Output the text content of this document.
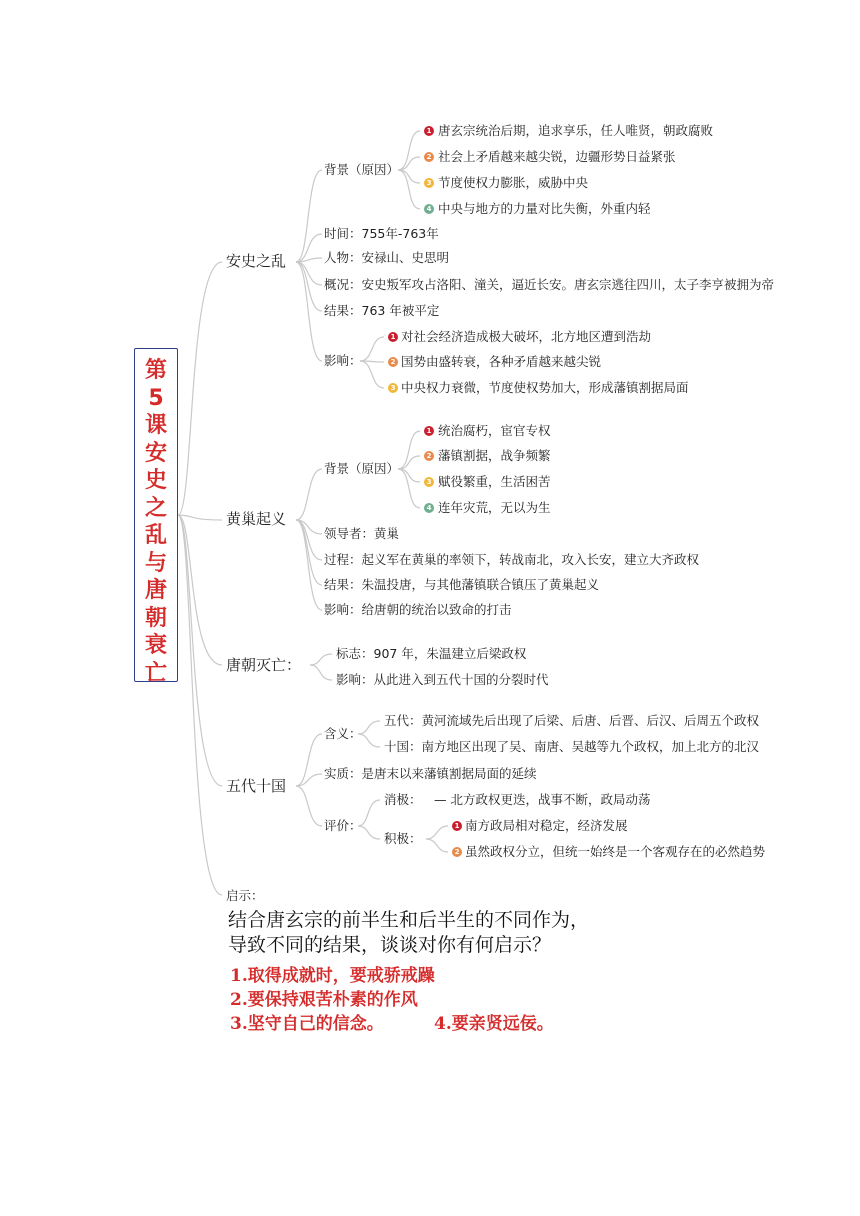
第
5
课
安
史
之
乱
与
唐
朝
衰
亡
安史之乱
背景（原因）
1 唐玄宗统治后期，追求享乐，任人唯贤，朝政腐败
2 社会上矛盾越来越尖锐，边疆形势日益紧张
3 节度使权力膨胀，威胁中央
4 中央与地方的力量对比失衡，外重内轻
时间：755年-763年
人物：安禄山、史思明
概况：安史叛军攻占洛阳、潼关，逼近长安。唐玄宗逃往四川，太子李亨被拥为帝
结果：763 年被平定
影响：
1 对社会经济造成极大破坏，北方地区遭到浩劫
2 国势由盛转衰，各种矛盾越来越尖锐
3 中央权力衰微，节度使权势加大，形成藩镇割据局面
黄巢起义
背景（原因）
1 统治腐朽，宦官专权
2 藩镇割据，战争频繁
3 赋役繁重，生活困苦
4 连年灾荒，无以为生
领导者：黄巢
过程：起义军在黄巢的率领下，转战南北，攻入长安，建立大齐政权
结果：朱温投唐，与其他藩镇联合镇压了黄巢起义
影响：给唐朝的统治以致命的打击
唐朝灭亡：
标志：907 年，朱温建立后梁政权
影响：从此进入到五代十国的分裂时代
五代十国
含义：
五代：黄河流域先后出现了后梁、后唐、后晋、后汉、后周五个政权
十国：南方地区出现了吴、南唐、吴越等九个政权，加上北方的北汉
实质：是唐末以来藩镇割据局面的延续
评价：
消极： — 北方政权更迭，战事不断，政局动荡
积极：
1 南方政局相对稳定，经济发展
2 虽然政权分立，但统一始终是一个客观存在的必然趋势
启示：
结合唐玄宗的前半生和后半生的不同作为，
导致不同的结果，谈谈对你有何启示？
1.取得成就时，要戒骄戒躁
2.要保持艰苦朴素的作风
3.坚守自己的信念。	4.要亲贤远佞。
